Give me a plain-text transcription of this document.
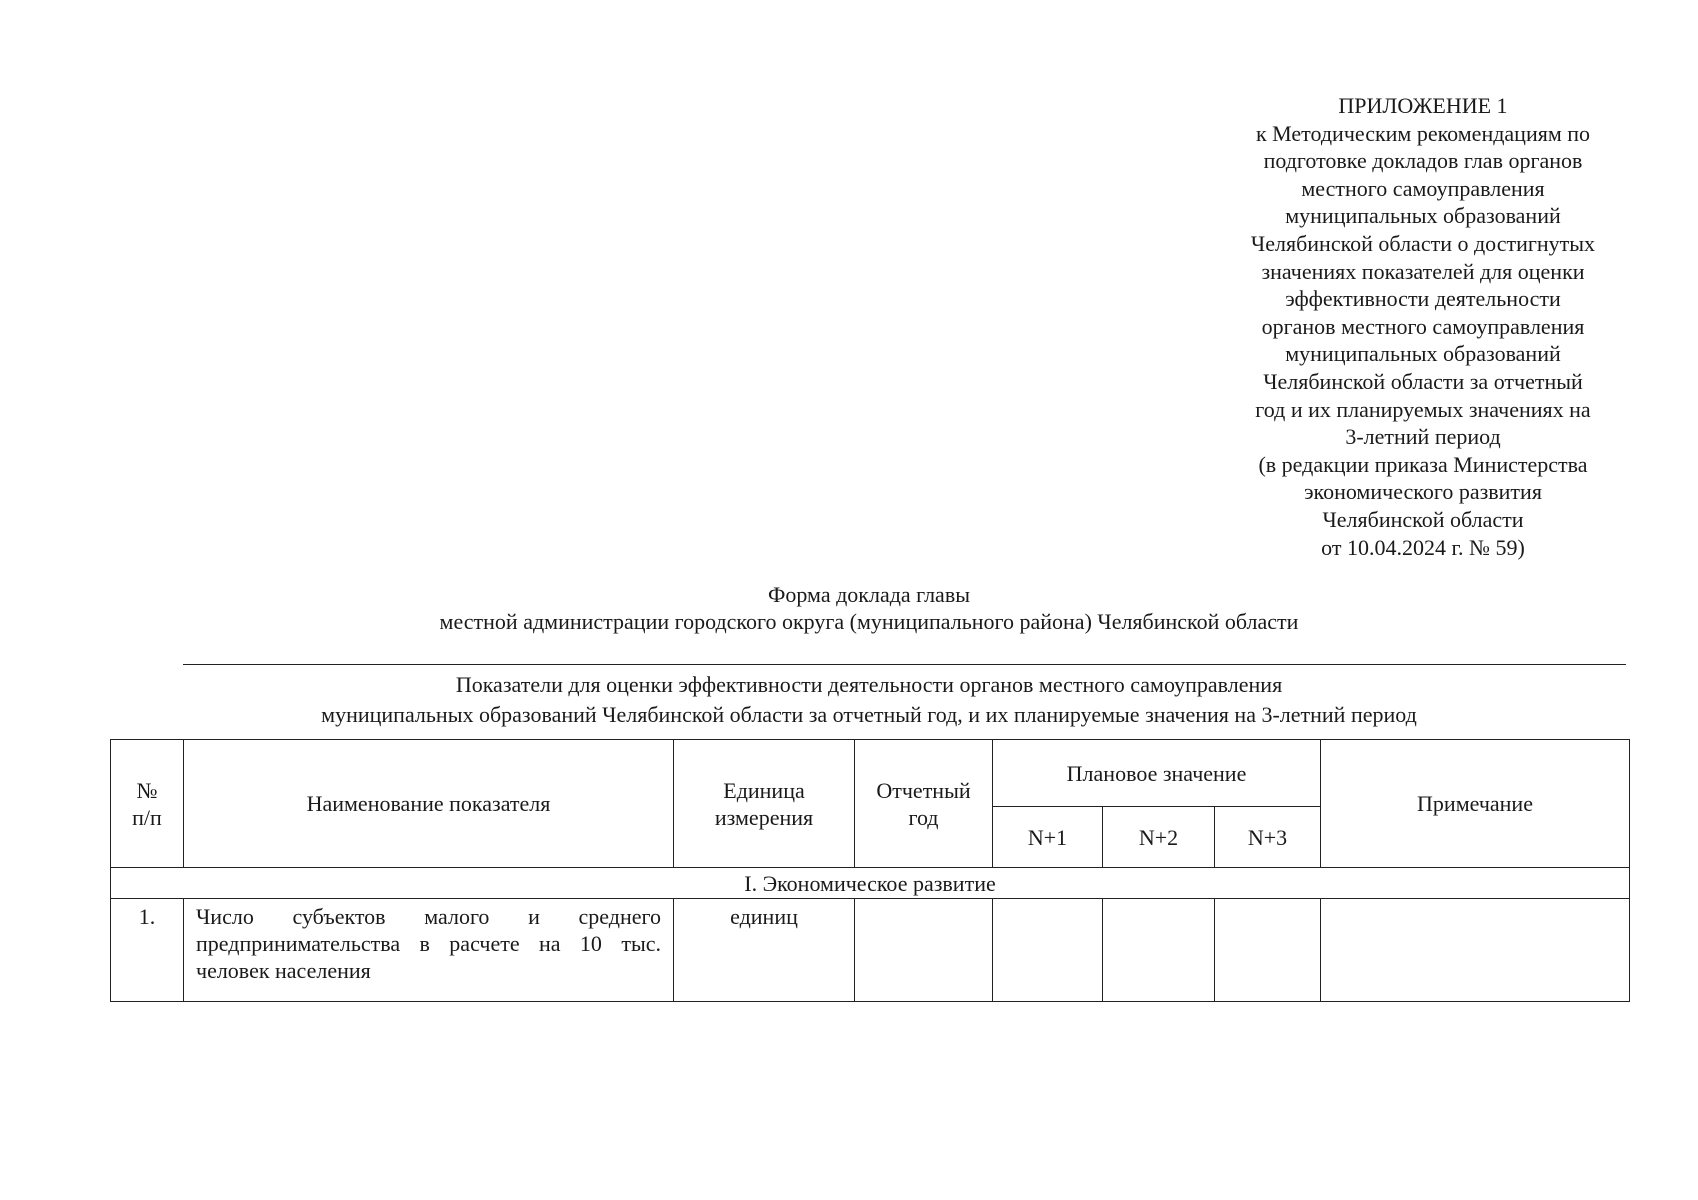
ПРИЛОЖЕНИЕ 1
к Методическим рекомендациям по
подготовке докладов глав органов
местного самоуправления
муниципальных образований
Челябинской области о достигнутых
значениях показателей для оценки
эффективности деятельности
органов местного самоуправления
муниципальных образований
Челябинской области за отчетный
год и их планируемых значениях на
3-летний период
(в редакции приказа Министерства
экономического развития
Челябинской области
от 10.04.2024 г. № 59)
Форма доклада главы
местной администрации городского округа (муниципального района) Челябинской области
Показатели для оценки эффективности деятельности органов местного самоуправления
муниципальных образований Челябинской области за отчетный год, и их планируемые значения на 3-летний период
№ п/п	Наименование показателя	Единица измерения	Отчетный год	Плановое значение			Примечание
				N+1	N+2	N+3	
I. Экономическое развитие							
1.	Число субъектов малого и среднего предпринимательства в расчете на 10 тыс. человек населения	единиц					
